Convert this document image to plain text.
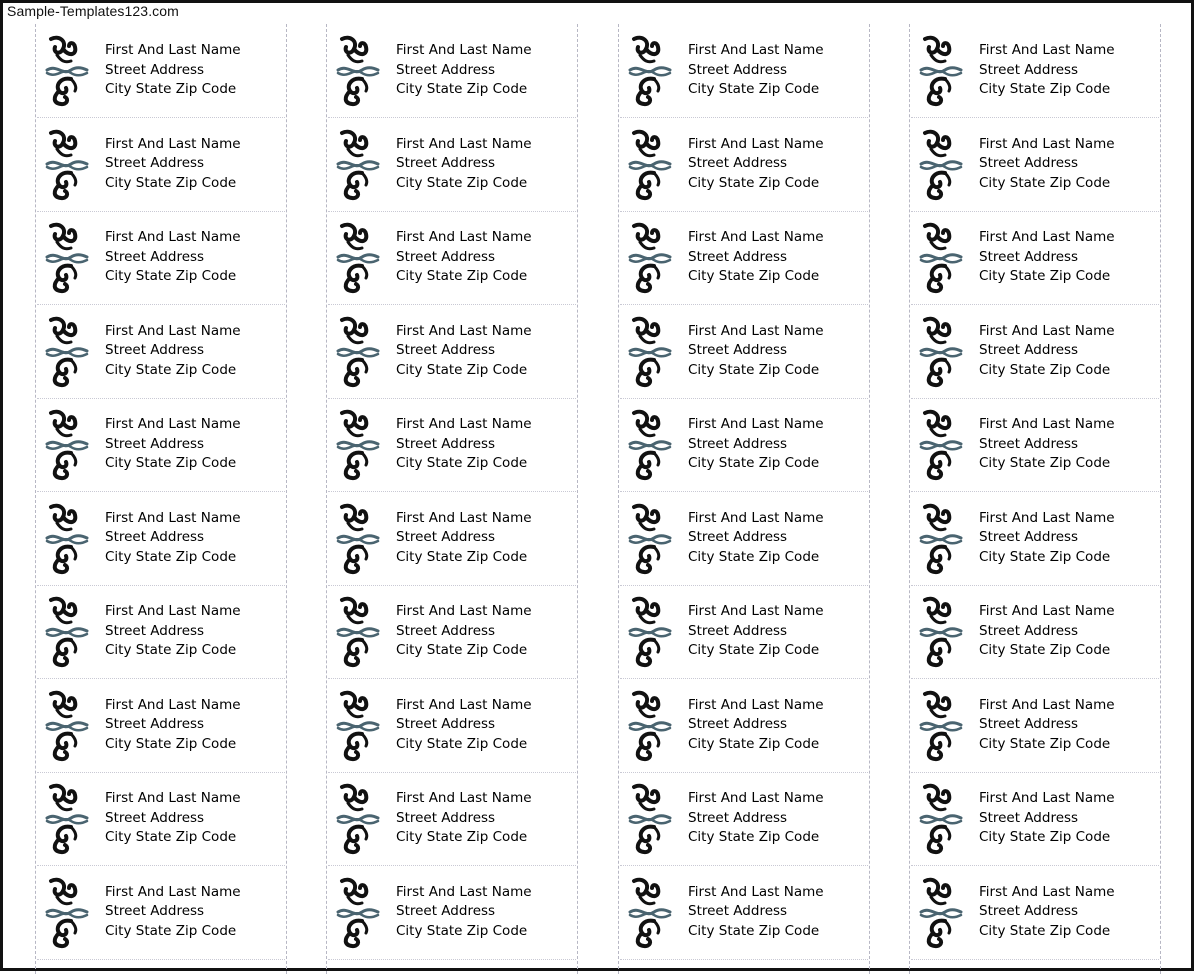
Sample-Templates123.com
First And Last Name
Street Address
City State Zip Code
First And Last Name
Street Address
City State Zip Code
First And Last Name
Street Address
City State Zip Code
First And Last Name
Street Address
City State Zip Code
First And Last Name
Street Address
City State Zip Code
First And Last Name
Street Address
City State Zip Code
First And Last Name
Street Address
City State Zip Code
First And Last Name
Street Address
City State Zip Code
First And Last Name
Street Address
City State Zip Code
First And Last Name
Street Address
City State Zip Code
First And Last Name
Street Address
City State Zip Code
First And Last Name
Street Address
City State Zip Code
First And Last Name
Street Address
City State Zip Code
First And Last Name
Street Address
City State Zip Code
First And Last Name
Street Address
City State Zip Code
First And Last Name
Street Address
City State Zip Code
First And Last Name
Street Address
City State Zip Code
First And Last Name
Street Address
City State Zip Code
First And Last Name
Street Address
City State Zip Code
First And Last Name
Street Address
City State Zip Code
First And Last Name
Street Address
City State Zip Code
First And Last Name
Street Address
City State Zip Code
First And Last Name
Street Address
City State Zip Code
First And Last Name
Street Address
City State Zip Code
First And Last Name
Street Address
City State Zip Code
First And Last Name
Street Address
City State Zip Code
First And Last Name
Street Address
City State Zip Code
First And Last Name
Street Address
City State Zip Code
First And Last Name
Street Address
City State Zip Code
First And Last Name
Street Address
City State Zip Code
First And Last Name
Street Address
City State Zip Code
First And Last Name
Street Address
City State Zip Code
First And Last Name
Street Address
City State Zip Code
First And Last Name
Street Address
City State Zip Code
First And Last Name
Street Address
City State Zip Code
First And Last Name
Street Address
City State Zip Code
First And Last Name
Street Address
City State Zip Code
First And Last Name
Street Address
City State Zip Code
First And Last Name
Street Address
City State Zip Code
First And Last Name
Street Address
City State Zip Code
